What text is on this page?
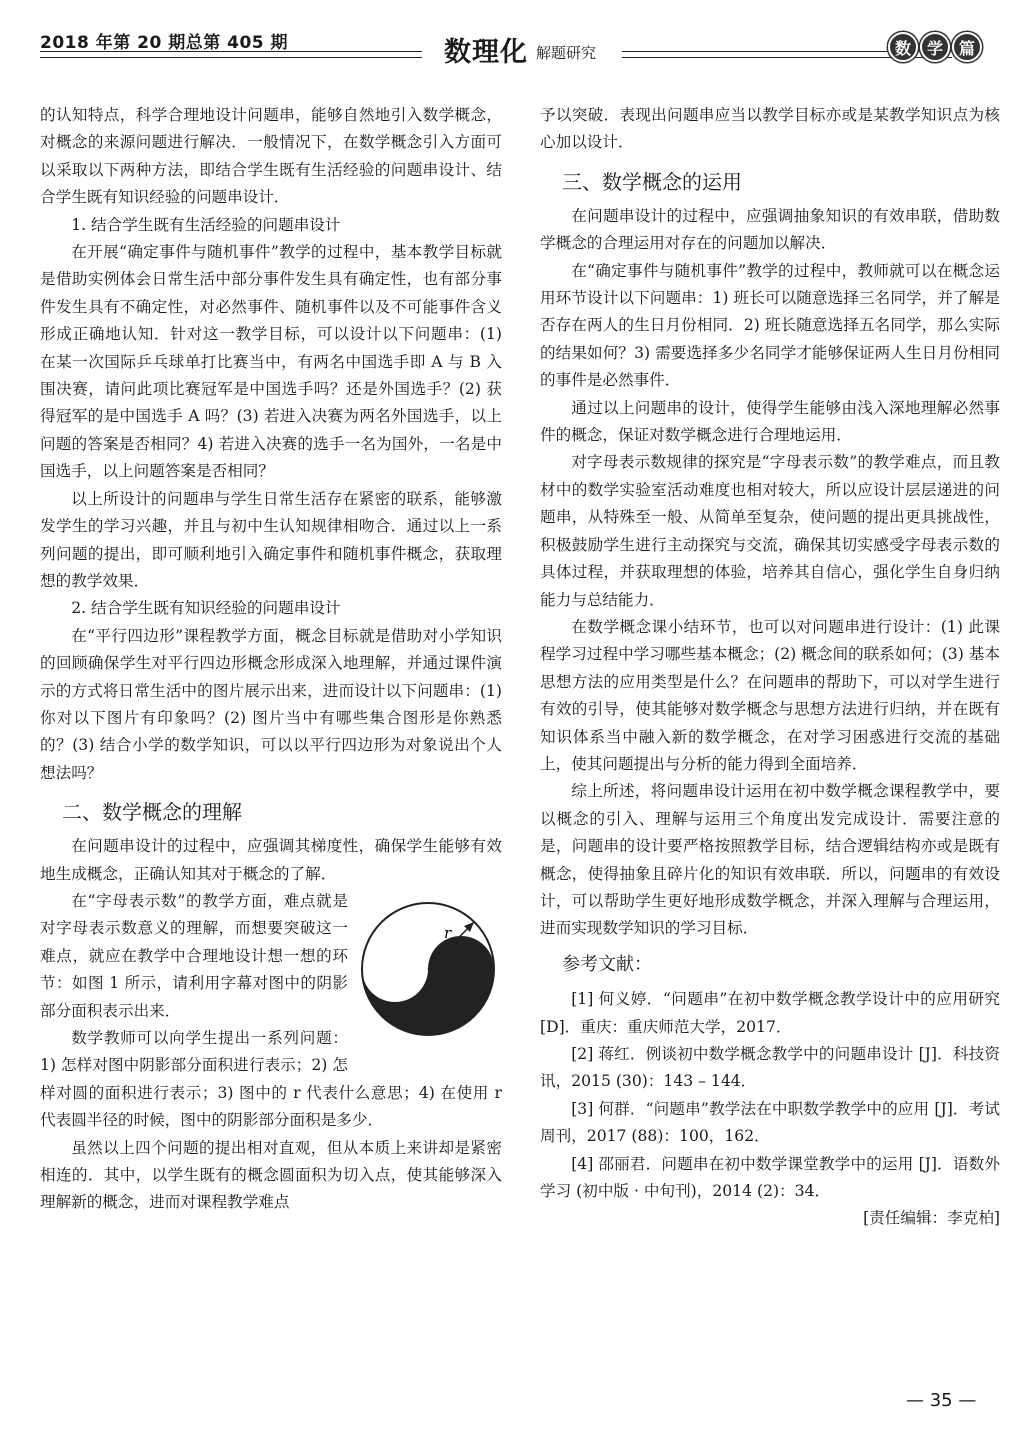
2018 年第 20 期总第 405 期	数理化 解题研究	数 学 篇

的认知特点，科学合理地设计问题串，能够自然地引入数学概念，对概念的来源问题进行解决．一般情况下，在数学概念引入方面可以采取以下两种方法，即结合学生既有生活经验的问题串设计、结合学生既有知识经验的问题串设计．

1. 结合学生既有生活经验的问题串设计

在开展“确定事件与随机事件”教学的过程中，基本教学目标就是借助实例体会日常生活中部分事件发生具有确定性，也有部分事件发生具有不确定性，对必然事件、随机事件以及不可能事件含义形成正确地认知．针对这一教学目标，可以设计以下问题串：(1) 在某一次国际乒乓球单打比赛当中，有两名中国选手即 A 与 B 入围决赛，请问此项比赛冠军是中国选手吗？还是外国选手？(2) 获得冠军的是中国选手 A 吗？(3) 若进入决赛为两名外国选手，以上问题的答案是否相同？4) 若进入决赛的选手一名为国外，一名是中国选手，以上问题答案是否相同？

以上所设计的问题串与学生日常生活存在紧密的联系，能够激发学生的学习兴趣，并且与初中生认知规律相吻合．通过以上一系列问题的提出，即可顺利地引入确定事件和随机事件概念，获取理想的教学效果．

2. 结合学生既有知识经验的问题串设计

在“平行四边形”课程教学方面，概念目标就是借助对小学知识的回顾确保学生对平行四边形概念形成深入地理解，并通过课件演示的方式将日常生活中的图片展示出来，进而设计以下问题串：(1) 你对以下图片有印象吗？(2) 图片当中有哪些集合图形是你熟悉的？(3) 结合小学的数学知识，可以以平行四边形为对象说出个人想法吗？

二、数学概念的理解

在问题串设计的过程中，应强调其梯度性，确保学生能够有效地生成概念，正确认知其对于概念的了解．

r

在“字母表示数”的教学方面，难点就是对字母表示数意义的理解，而想要突破这一难点，就应在教学中合理地设计想一想的环节：如图 1 所示，请利用字幕对图中的阴影部分面积表示出来．

数学教师可以向学生提出一系列问题：1) 怎样对图中阴影部分面积进行表示；2) 怎样对圆的面积进行表示；3) 图中的 r 代表什么意思；4) 在使用 r 代表圆半径的时候，图中的阴影部分面积是多少．

虽然以上四个问题的提出相对直观，但从本质上来讲却是紧密相连的．其中，以学生既有的概念圆面积为切入点，使其能够深入理解新的概念，进而对课程教学难点

予以突破．表现出问题串应当以教学目标亦或是某教学知识点为核心加以设计．

三、数学概念的运用

在问题串设计的过程中，应强调抽象知识的有效串联，借助数学概念的合理运用对存在的问题加以解决．

在“确定事件与随机事件”教学的过程中，教师就可以在概念运用环节设计以下问题串：1) 班长可以随意选择三名同学，并了解是否存在两人的生日月份相同．2) 班长随意选择五名同学，那么实际的结果如何？3) 需要选择多少名同学才能够保证两人生日月份相同的事件是必然事件．

通过以上问题串的设计，使得学生能够由浅入深地理解必然事件的概念，保证对数学概念进行合理地运用．

对字母表示数规律的探究是“字母表示数”的教学难点，而且教材中的数学实验室活动难度也相对较大，所以应设计层层递进的问题串，从特殊至一般、从简单至复杂，使问题的提出更具挑战性，积极鼓励学生进行主动探究与交流，确保其切实感受字母表示数的具体过程，并获取理想的体验，培养其自信心，强化学生自身归纳能力与总结能力．

在数学概念课小结环节，也可以对问题串进行设计：(1) 此课程学习过程中学习哪些基本概念；(2) 概念间的联系如何；(3) 基本思想方法的应用类型是什么？在问题串的帮助下，可以对学生进行有效的引导，使其能够对数学概念与思想方法进行归纳，并在既有知识体系当中融入新的数学概念，在对学习困惑进行交流的基础上，使其问题提出与分析的能力得到全面培养．

综上所述，将问题串设计运用在初中数学概念课程教学中，要以概念的引入、理解与运用三个角度出发完成设计．需要注意的是，问题串的设计要严格按照教学目标，结合逻辑结构亦或是既有概念，使得抽象且碎片化的知识有效串联．所以，问题串的有效设计，可以帮助学生更好地形成数学概念，并深入理解与合理运用，进而实现数学知识的学习目标．

参考文献：

[1] 何义婷．“问题串”在初中数学概念教学设计中的应用研究 [D]．重庆：重庆师范大学，2017．

[2] 蒋红．例谈初中数学概念教学中的问题串设计 [J]．科技资讯，2015 (30)：143 – 144．

[3] 何群．“问题串”教学法在中职数学教学中的应用 [J]．考试周刊，2017 (88)：100，162．

[4] 邵丽君．问题串在初中数学课堂教学中的运用 [J]．语数外学习 (初中版 · 中旬刊)，2014 (2)：34．

[责任编辑：李克柏]

— 35 —
